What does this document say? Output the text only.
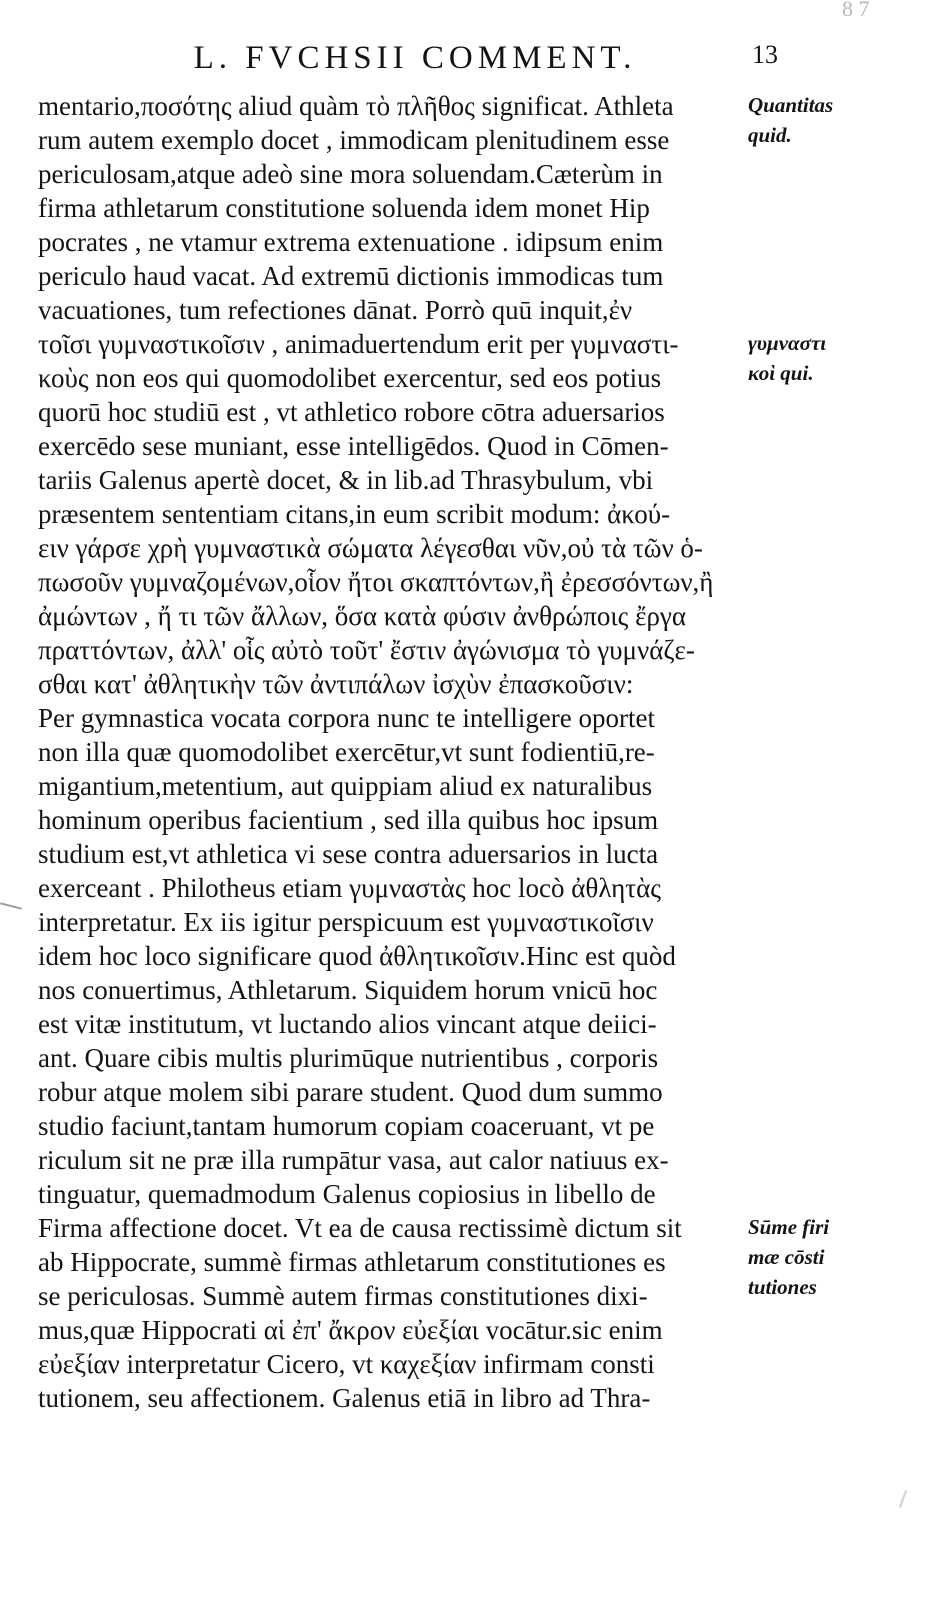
8 7
L. FVCHSII COMMENT.	13
mentario,ποσότης aliud quàm τὸ πλῆθος significat. Athleta
rum autem exemplo docet , immodicam plenitudinem esse
periculosam,atque adeò sine mora soluendam.Cæterùm in
firma athletarum constitutione soluenda idem monet Hip
pocrates , ne vtamur extrema extenuatione . idipsum enim
periculo haud vacat. Ad extremū dictionis immodicas tum
vacuationes, tum refectiones dānat. Porrò quū inquit,ἐν
τοῖσι γυμναστικοῖσιν , animaduertendum erit per γυμναστι-
κοὺς non eos qui quomodolibet exercentur, sed eos potius
quorū hoc studiū est , vt athletico robore cōtra aduersarios
exercēdo sese muniant, esse intelligēdos. Quod in Cōmen-
tariis Galenus apertè docet, & in lib.ad Thrasybulum, vbi
præsentem sententiam citans,in eum scribit modum: ἀκού-
ειν γάρσε χρὴ γυμναστικὰ σώματα λέγεσθαι νῦν,οὐ τὰ τῶν ὁ-
πωσοῦν γυμναζομένων,οἷον ἤτοι σκαπτόντων,ἢ ἐρεσσόντων,ἢ
ἀμώντων , ἤ τι τῶν ἄλλων, ὅσα κατὰ φύσιν ἀνθρώποις ἔργα
πραττόντων, ἀλλ' οἷς αὐτὸ τοῦτ' ἔστιν ἀγώνισμα τὸ γυμνάζε-
σθαι κατ' ἀθλητικὴν τῶν ἀντιπάλων ἰσχὺν ἐπασκοῦσιν:
Per gymnastica vocata corpora nunc te intelligere oportet
non illa quæ quomodolibet exercētur,vt sunt fodientiū,re-
migantium,metentium, aut quippiam aliud ex naturalibus
hominum operibus facientium , sed illa quibus hoc ipsum
studium est,vt athletica vi sese contra aduersarios in lucta
exerceant . Philotheus etiam γυμναστὰς hoc locò ἀθλητὰς
interpretatur. Ex iis igitur perspicuum est γυμναστικοῖσιν
idem hoc loco significare quod ἀθλητικοῖσιν.Hinc est quòd
nos conuertimus, Athletarum. Siquidem horum vnicū hoc
est vitæ institutum, vt luctando alios vincant atque deiici-
ant. Quare cibis multis plurimūque nutrientibus , corporis
robur atque molem sibi parare student. Quod dum summo
studio faciunt,tantam humorum copiam coaceruant, vt pe
riculum sit ne præ illa rumpātur vasa, aut calor natiuus ex-
tinguatur, quemadmodum Galenus copiosius in libello de
Firma affectione docet. Vt ea de causa rectissimè dictum sit
ab Hippocrate, summè firmas athletarum constitutiones es
se periculosas. Summè autem firmas constitutiones dixi-
mus,quæ Hippocrati αἱ ἐπ' ἄκρον εὐεξίαι vocātur.sic enim
εὐεξίαν interpretatur Cicero, vt καχεξίαν infirmam consti
tutionem, seu affectionem. Galenus etiā in libro ad Thra-
Quantitas
quid.
γυμναστι
κοὶ qui.
Sūme firi
mæ cōsti
tutiones
